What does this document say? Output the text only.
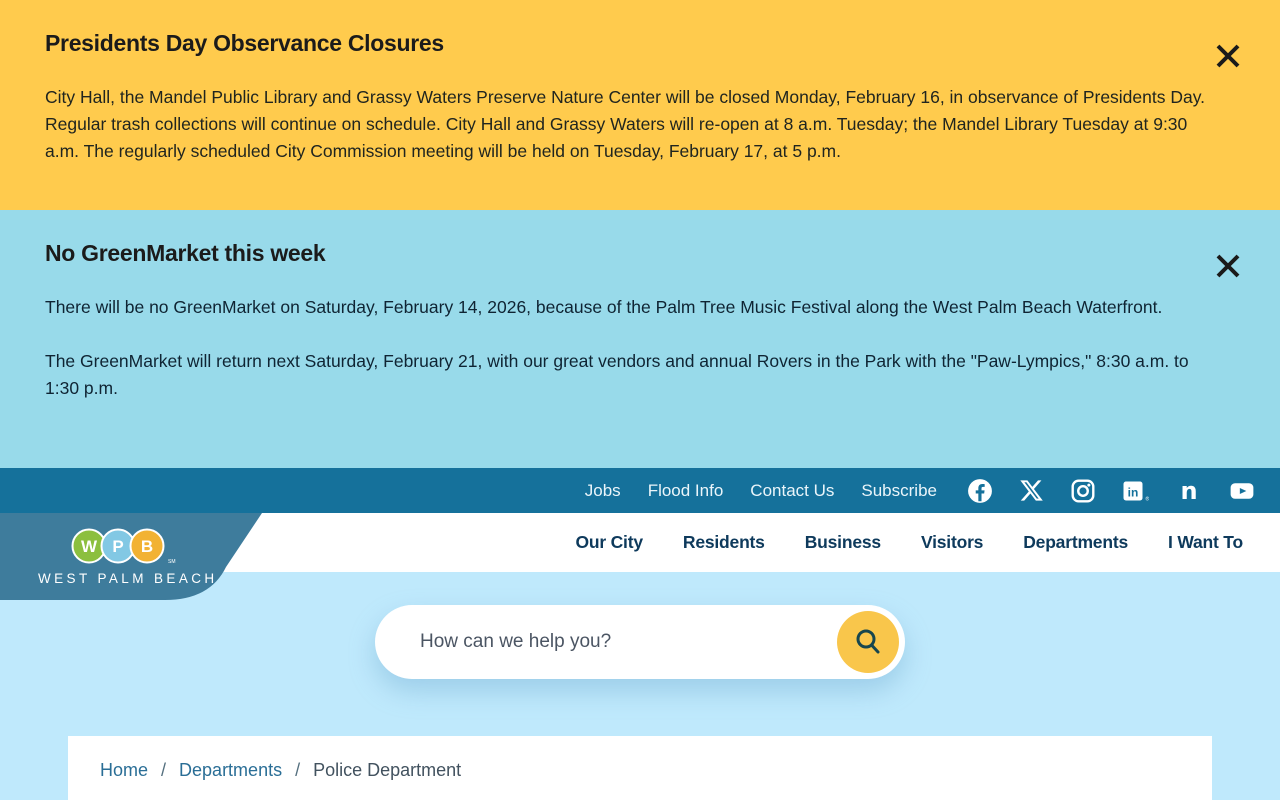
Presidents Day Observance Closures

City Hall, the Mandel Public Library and Grassy Waters Preserve Nature Center will be closed Monday, February 16, in observance of Presidents Day. Regular trash collections will continue on schedule. City Hall and Grassy Waters will re-open at 8 a.m. Tuesday; the Mandel Library Tuesday at 9:30 a.m. The regularly scheduled City Commission meeting will be held on Tuesday, February 17, at 5 p.m.

No GreenMarket this week

There will be no GreenMarket on Saturday, February 14, 2026, because of the Palm Tree Music Festival along the West Palm Beach Waterfront.

The GreenMarket will return next Saturday, February 21, with our great vendors and annual Rovers in the Park with the "Paw-Lympics," 8:30 a.m. to 1:30 p.m.

Jobs Flood Info Contact Us Subscribe	in ® n
W P B
SM
WEST PALM BEACH
Our City Residents Business Visitors Departments I Want To
How can we help you?
Home / Departments / Police Department
